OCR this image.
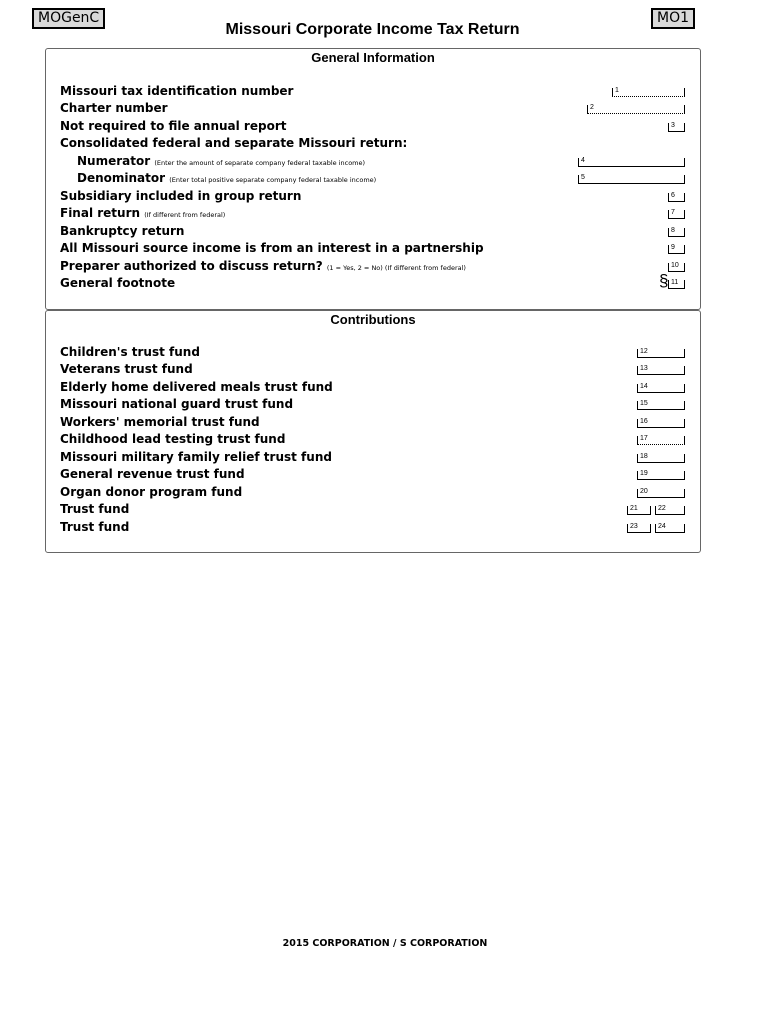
MOGenC	MO1
Missouri Corporate Income Tax Return
General Information
Missouri tax identification number	1
Charter number	2
Not required to file annual report	3
Consolidated federal and separate Missouri return:
Numerator (Enter the amount of separate company federal taxable income)	4
Denominator (Enter total positive separate company federal taxable income)	5
Subsidiary included in group return	6
Final return (If different from federal)	7
Bankruptcy return	8
All Missouri source income is from an interest in a partnership	9
Preparer authorized to discuss return? (1 = Yes, 2 = No) (If different from federal)	10
General footnote	11
§
Contributions
Children's trust fund	12
Veterans trust fund	13
Elderly home delivered meals trust fund	14
Missouri national guard trust fund	15
Workers' memorial trust fund	16
Childhood lead testing trust fund	17
Missouri military family relief trust fund	18
General revenue trust fund	19
Organ donor program fund	20
Trust fund	21	22
Trust fund	23	24
2015 CORPORATION / S CORPORATION
